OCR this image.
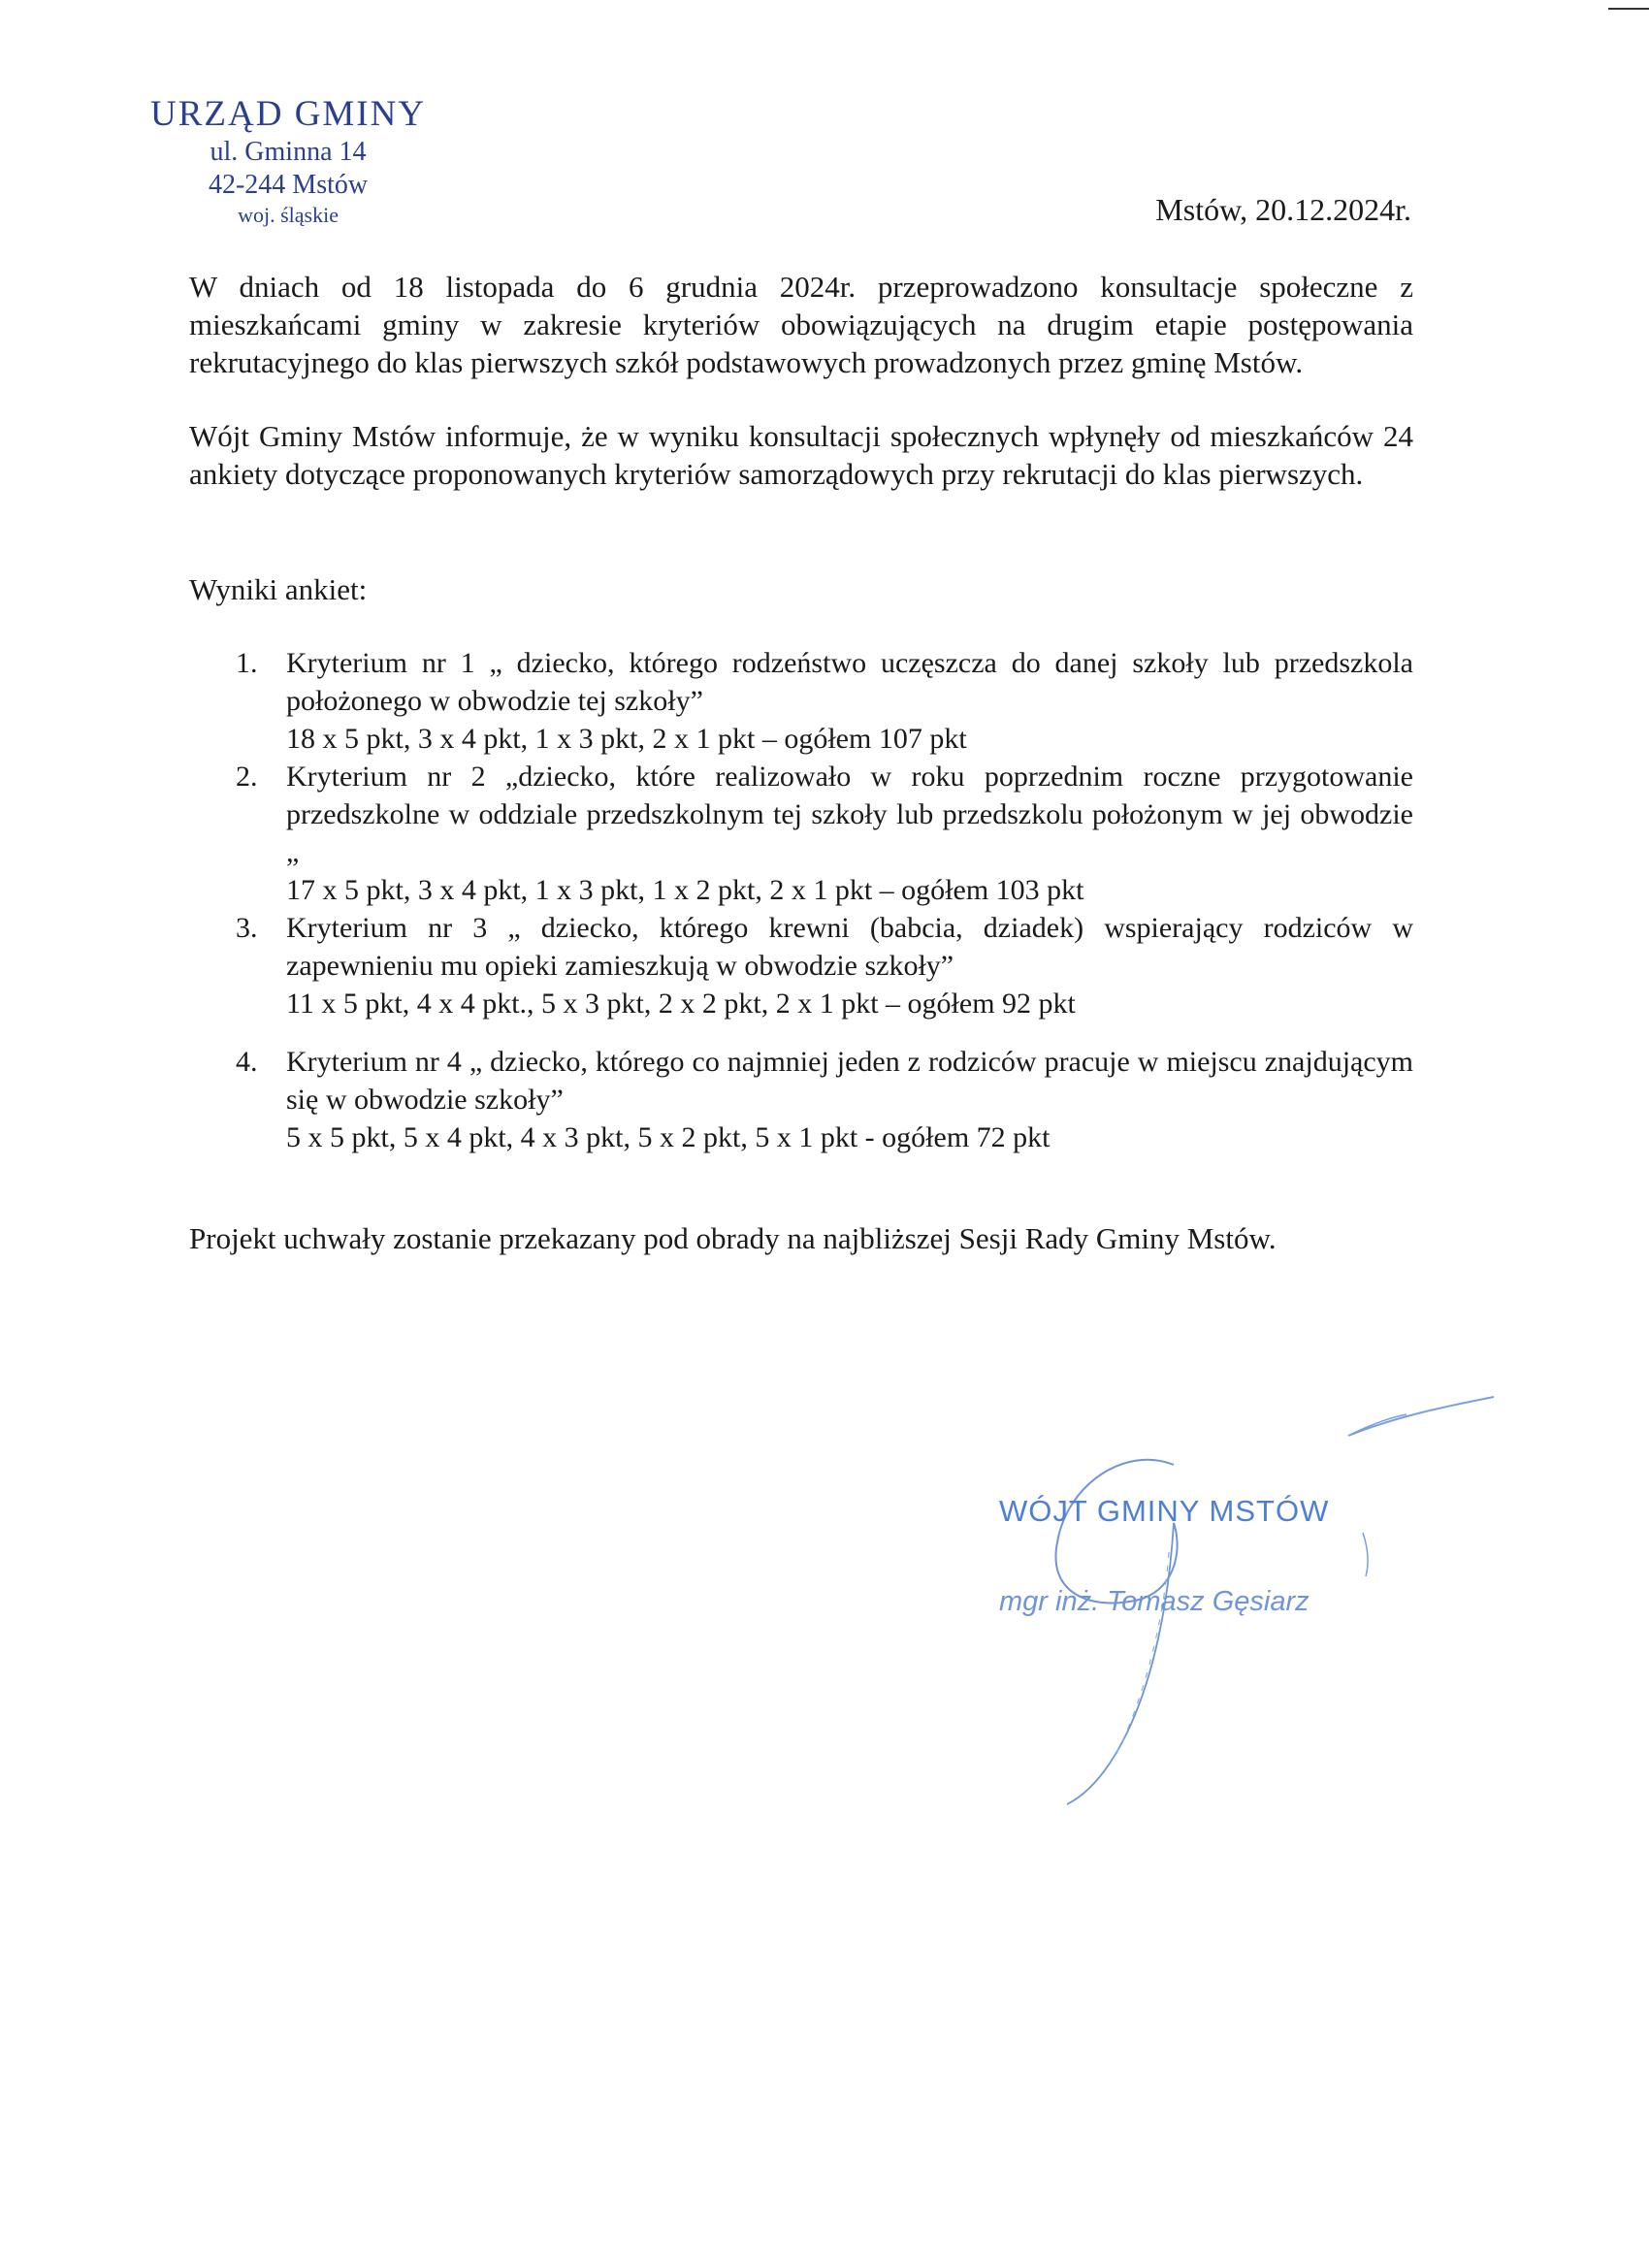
URZĄD GMINY
ul. Gminna 14
42-244 Mstów
woj. śląskie	Mstów, 20.12.2024r.
W dniach od 18 listopada do 6 grudnia 2024r. przeprowadzono konsultacje społeczne z mieszkańcami gminy w zakresie kryteriów obowiązujących na drugim etapie postępowania rekrutacyjnego do klas pierwszych szkół podstawowych prowadzonych przez gminę Mstów.
Wójt Gminy Mstów informuje, że w wyniku konsultacji społecznych wpłynęły od mieszkańców 24 ankiety dotyczące proponowanych kryteriów samorządowych przy rekrutacji do klas pierwszych.
Wyniki ankiet:
1. Kryterium nr 1 „ dziecko, którego rodzeństwo uczęszcza do danej szkoły lub przedszkola położonego w obwodzie tej szkoły”
18 x 5 pkt, 3 x 4 pkt, 1 x 3 pkt, 2 x 1 pkt – ogółem 107 pkt
2. Kryterium nr 2 „dziecko, które realizowało w roku poprzednim roczne przygotowanie przedszkolne w oddziale przedszkolnym tej szkoły lub przedszkolu położonym w jej obwodzie „
17 x 5 pkt, 3 x 4 pkt, 1 x 3 pkt, 1 x 2 pkt, 2 x 1 pkt – ogółem 103 pkt
3. Kryterium nr 3 „ dziecko, którego krewni (babcia, dziadek) wspierający rodziców w zapewnieniu mu opieki zamieszkują w obwodzie szkoły”
11 x 5 pkt, 4 x 4 pkt., 5 x 3 pkt, 2 x 2 pkt, 2 x 1 pkt – ogółem 92 pkt
4. Kryterium nr 4 „ dziecko, którego co najmniej jeden z rodziców pracuje w miejscu znajdującym się w obwodzie szkoły”
5 x 5 pkt, 5 x 4 pkt, 4 x 3 pkt, 5 x 2 pkt, 5 x 1 pkt - ogółem 72 pkt
Projekt uchwały zostanie przekazany pod obrady na najbliższej Sesji Rady Gminy Mstów.
WÓJT GMINY MSTÓW
mgr inż. Tomasz Gęsiarz
